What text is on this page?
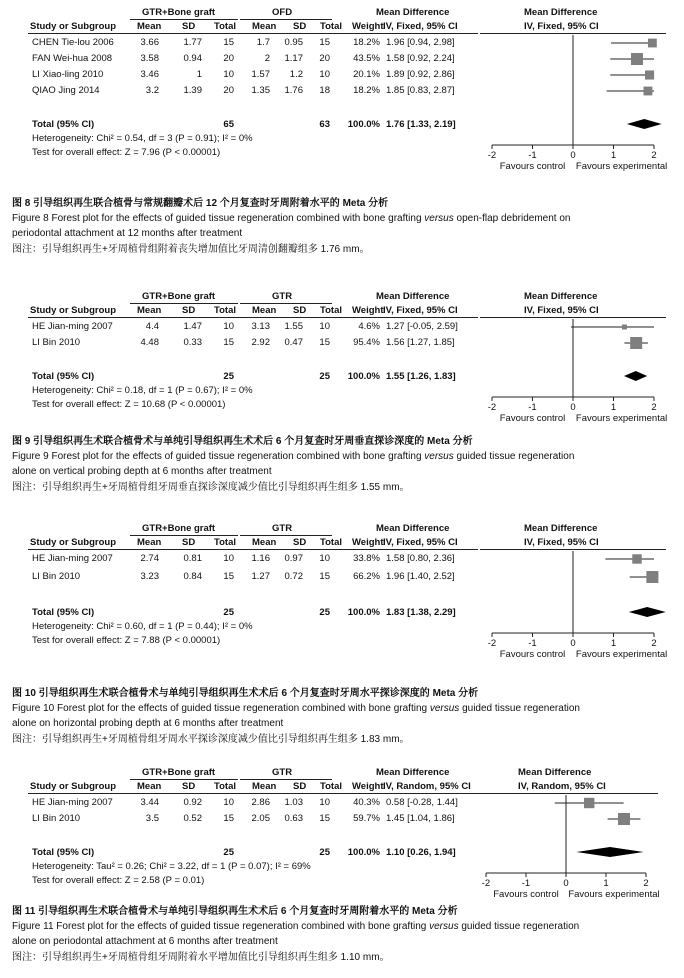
GTR+Bone graft	OFD	Mean Difference	Mean Difference
Study or Subgroup Mean SD Total Mean SD Total Weight IV, Fixed, 95% CI	IV, Fixed, 95% CI
CHEN Tie-lou 2006	3.66	1.77	15	1.7	0.95 15	18.2% 1.96 [0.94, 2.98]
FAN Wei-hua 2008	3.58	0.94	20	2	1.17 20	43.5% 1.58 [0.92, 2.24]
LI Xiao-ling 2010	3.46	1	10	1.57	1.2 10	20.1% 1.89 [0.92, 2.86]
QIAO Jing 2014	3.2	1.39	20	1.35	1.76 18	18.2% 1.85 [0.83, 2.87]
Total (95% CI)	65	63 100.0% 1.76 [1.33, 2.19]
Heterogeneity: Chi² = 0.54, df = 3 (P = 0.91); I² = 0%
Test for overall effect: Z = 7.96 (P < 0.00001)	-2	-1	0	1	2
Favours control Favours experimental
图 8 引导组织再生联合植骨与常规翻瓣术后 12 个月复查时牙周附着水平的 Meta 分析
Figure 8 Forest plot for the effects of guided tissue regeneration combined with bone grafting versus open-flap debridement on
periodontal attachment at 12 months after treatment
图注：引导组织再生+牙周植骨组附着丧失增加值比牙周清创翻瓣组多 1.76 mm。
GTR+Bone graft	GTR	Mean Difference	Mean Difference
Study or Subgroup Mean SD Total Mean SD Total Weight IV, Fixed, 95% CI	IV, Fixed, 95% CI
HE Jian-ming 2007	4.4	1.47	10	3.13	1.55 10	4.6% 1.27 [-0.05, 2.59]
LI Bin 2010	4.48	0.33	15	2.92	0.47 15	95.4% 1.56 [1.27, 1.85]
Total (95% CI)	25	25 100.0% 1.55 [1.26, 1.83]
Heterogeneity: Chi² = 0.18, df = 1 (P = 0.67); I² = 0%
Test for overall effect: Z = 10.68 (P < 0.00001)	-2	-1	0	1	2
Favours control Favours experimental
图 9 引导组织再生术联合植骨术与单纯引导组织再生术术后 6 个月复查时牙周垂直探诊深度的 Meta 分析
Figure 9 Forest plot for the effects of guided tissue regeneration combined with bone grafting versus guided tissue regeneration
alone on vertical probing depth at 6 months after treatment
图注：引导组织再生+牙周植骨组牙周垂直探诊深度减少值比引导组织再生组多 1.55 mm。
GTR+Bone graft	GTR	Mean Difference	Mean Difference
Study or Subgroup Mean SD Total Mean SD Total Weight IV, Fixed, 95% CI	IV, Fixed, 95% CI
HE Jian-ming 2007	2.74	0.81	10	1.16	0.97 10	33.8% 1.58 [0.80, 2.36]
LI Bin 2010	3.23	0.84	15	1.27	0.72 15	66.2% 1.96 [1.40, 2.52]
Total (95% CI)	25	25 100.0% 1.83 [1.38, 2.29]
Heterogeneity: Chi² = 0.60, df = 1 (P = 0.44); I² = 0%
Test for overall effect: Z = 7.88 (P < 0.00001)	-2	-1	0	1	2
Favours control Favours experimental
图 10 引导组织再生术联合植骨术与单纯引导组织再生术术后 6 个月复查时牙周水平探诊深度的 Meta 分析
Figure 10 Forest plot for the effects of guided tissue regeneration combined with bone grafting versus guided tissue regeneration
alone on horizontal probing depth at 6 months after treatment
图注：引导组织再生+牙周植骨组牙周水平探诊深度减少值比引导组织再生组多 1.83 mm。
GTR+Bone graft	GTR	Mean Difference	Mean Difference
Study or Subgroup Mean SD Total Mean SD Total Weight IV, Random, 95% CI	IV, Random, 95% CI
HE Jian-ming 2007	3.44	0.92	10	2.86	1.03 10	40.3% 0.58 [-0.28, 1.44]
LI Bin 2010	3.5	0.52	15	2.05	0.63 15	59.7% 1.45 [1.04, 1.86]
Total (95% CI)	25	25 100.0% 1.10 [0.26, 1.94]
Heterogeneity: Tau² = 0.26; Chi² = 3.22, df = 1 (P = 0.07); I² = 69%
Test for overall effect: Z = 2.58 (P = 0.01)	-2	-1	0	1	2
Favours control Favours experimental
图 11 引导组织再生术联合植骨术与单纯引导组织再生术术后 6 个月复查时牙周附着水平的 Meta 分析
Figure 11 Forest plot for the effects of guided tissue regeneration combined with bone grafting versus guided tissue regeneration
alone on periodontal attachment at 6 months after treatment
图注：引导组织再生+牙周植骨组牙周附着水平增加值比引导组织再生组多 1.10 mm。
